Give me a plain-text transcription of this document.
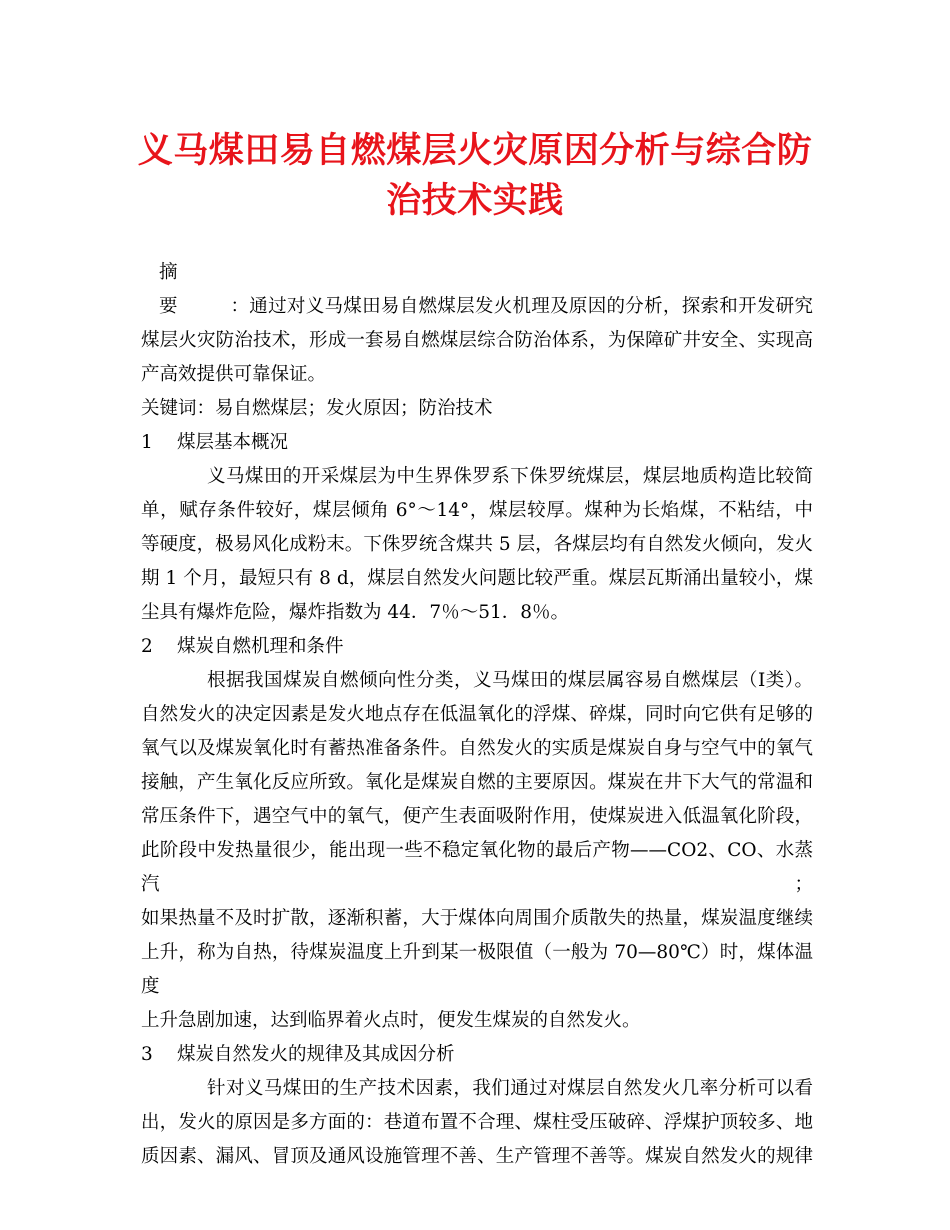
义马煤田易自燃煤层火灾原因分析与综合防
治技术实践
摘　　要：通过对义马煤田易自燃煤层发火机理及原因的分析，探索和开发研究
煤层火灾防治技术，形成一套易自燃煤层综合防治体系，为保障矿井安全、实现高
产高效提供可靠保证。
关键词：易自燃煤层；发火原因；防治技术
1 煤层基本概况
义马煤田的开采煤层为中生界侏罗系下侏罗统煤层，煤层地质构造比较简
单，赋存条件较好，煤层倾角 6°～14°，煤层较厚。煤种为长焰煤，不粘结，中
等硬度，极易风化成粉末。下侏罗统含煤共 5 层，各煤层均有自然发火倾向，发火
期 1 个月，最短只有 8 d，煤层自然发火问题比较严重。煤层瓦斯涌出量较小，煤
尘具有爆炸危险，爆炸指数为 44．7％～51．8％。
2 煤炭自燃机理和条件
根据我国煤炭自燃倾向性分类，义马煤田的煤层属容易自燃煤层（I类）。
自然发火的决定因素是发火地点存在低温氧化的浮煤、碎煤，同时向它供有足够的
氧气以及煤炭氧化时有蓄热准备条件。自然发火的实质是煤炭自身与空气中的氧气
接触，产生氧化反应所致。氧化是煤炭自燃的主要原因。煤炭在井下大气的常温和
常压条件下，遇空气中的氧气，便产生表面吸附作用，使煤炭进入低温氧化阶段，
此阶段中发热量很少，能出现一些不稳定氧化物的最后产物——CO2、CO、水蒸汽；
如果热量不及时扩散，逐渐积蓄，大于煤体向周围介质散失的热量，煤炭温度继续
上升，称为自热，待煤炭温度上升到某一极限值（一般为 70—80℃）时，煤体温度
上升急剧加速，达到临界着火点时，便发生煤炭的自然发火。
3 煤炭自然发火的规律及其成因分析
针对义马煤田的生产技术因素，我们通过对煤层自然发火几率分析可以看
出，发火的原因是多方面的：巷道布置不合理、煤柱受压破碎、浮煤护顶较多、地
质因素、漏风、冒顶及通风设施管理不善、生产管理不善等。煤炭自然发火的规律
